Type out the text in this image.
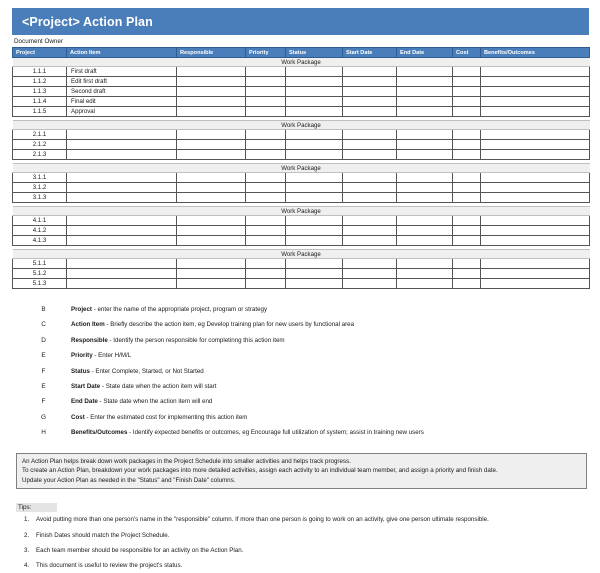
<Project> Action Plan
Document Owner
Project	Action Item	Responsible	Priority	Status	Start Date	End Date	Cost	Benefits/Outcomes
Work Package								
1.1.1	First draft							
1.1.2	Edit first draft							
1.1.3	Second draft							
1.1.4	Final edit							
1.1.5	Approval							

Work Package								
2.1.1								
2.1.2								
2.1.3								

Work Package								
3.1.1								
3.1.2								
3.1.3								

Work Package								
4.1.1								
4.1.2								
4.1.3								

Work Package								
5.1.1								
5.1.2								
5.1.3								
B	Project - enter the name of the appropriate project, program or strategy
C	Action Item - Briefly describe the action item, eg Develop training plan for new users by functional area
D	Responsible - Identify the person responsible for completinng this action item
E	Priority - Enter H/M/L
F	Status - Enter Complete, Started, or Not Started
E	Start Date - State date when the action item will start
F	End Date - State date when the action item will end
G	Cost - Enter the estimated cost for implementing this action item
H	Benefits/Outcomes - Identify expected benefits or outcomes, eg Encourage full utilization of system; assist in training new users
An Action Plan helps break down work packages in the Project Schedule into smaller activities and helps track progress.
To create an Action Plan, breakdown your work packages into more detailed activities, assign each activity to an individual team member, and assign a priority and finish date.
Update your Action Plan as needed in the "Status" and "Finish Date" columns.
Tips:
1.	Avoid putting more than one person's name in the "responsible" column. If more than one person is going to work on an activity, give one person ultimate responsible.
2.	Finish Dates should match the Project Schedule.
3.	Each team member should be responsible for an activity on the Action Plan.
4.	This document is useful to review the project's status.
